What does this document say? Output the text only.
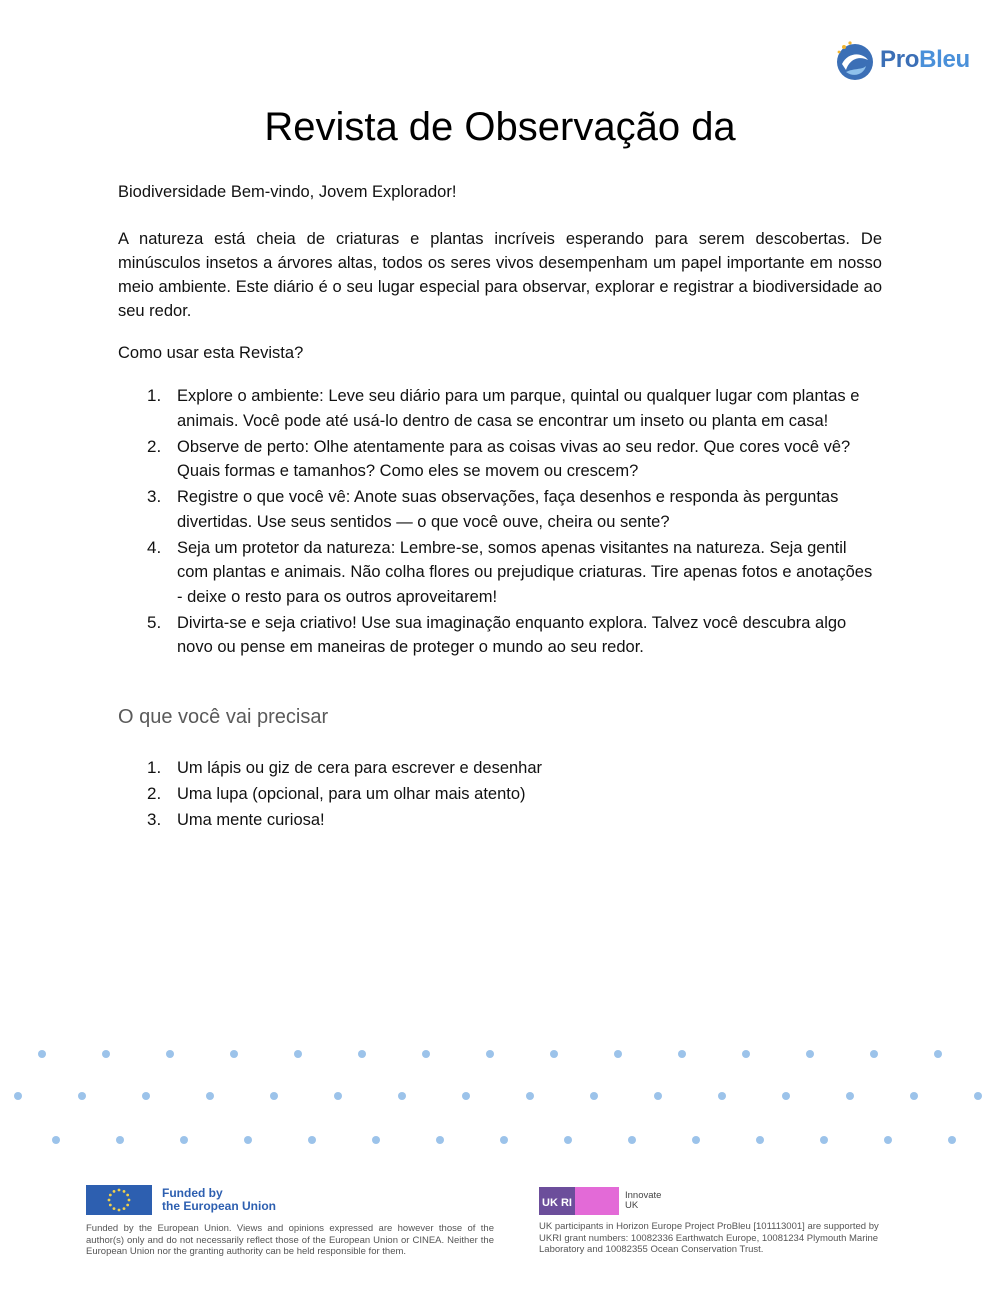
ProBleu
Revista de Observação da

Biodiversidade Bem-vindo, Jovem Explorador!

A natureza está cheia de criaturas e plantas incríveis esperando para serem descobertas. De minúsculos insetos a árvores altas, todos os seres vivos desempenham um papel importante em nosso meio ambiente. Este diário é o seu lugar especial para observar, explorar e registrar a biodiversidade ao seu redor.

Como usar esta Revista?

1. Explore o ambiente: Leve seu diário para um parque, quintal ou qualquer lugar com plantas e animais. Você pode até usá-lo dentro de casa se encontrar um inseto ou planta em casa!
2. Observe de perto: Olhe atentamente para as coisas vivas ao seu redor. Que cores você vê? Quais formas e tamanhos? Como eles se movem ou crescem?
3. Registre o que você vê: Anote suas observações, faça desenhos e responda às perguntas divertidas. Use seus sentidos — o que você ouve, cheira ou sente?
4. Seja um protetor da natureza: Lembre-se, somos apenas visitantes na natureza. Seja gentil com plantas e animais. Não colha flores ou prejudique criaturas. Tire apenas fotos e anotações - deixe o resto para os outros aproveitarem!
5. Divirta-se e seja criativo! Use sua imaginação enquanto explora. Talvez você descubra algo novo ou pense em maneiras de proteger o mundo ao seu redor.
O que você vai precisar
1. Um lápis ou giz de cera para escrever e desenhar
2. Uma lupa (opcional, para um olhar mais atento)
3. Uma mente curiosa!
Funded by
the European Union
Funded by the European Union. Views and opinions expressed are however those of the author(s) only and do not necessarily reflect those of the European Union or CINEA. Neither the European Union nor the granting authority can be held responsible for them.
UK RI
Innovate
UK
UK participants in Horizon Europe Project ProBleu [101113001] are supported by UKRI grant numbers: 10082336 Earthwatch Europe, 10081234 Plymouth Marine Laboratory and 10082355 Ocean Conservation Trust.
